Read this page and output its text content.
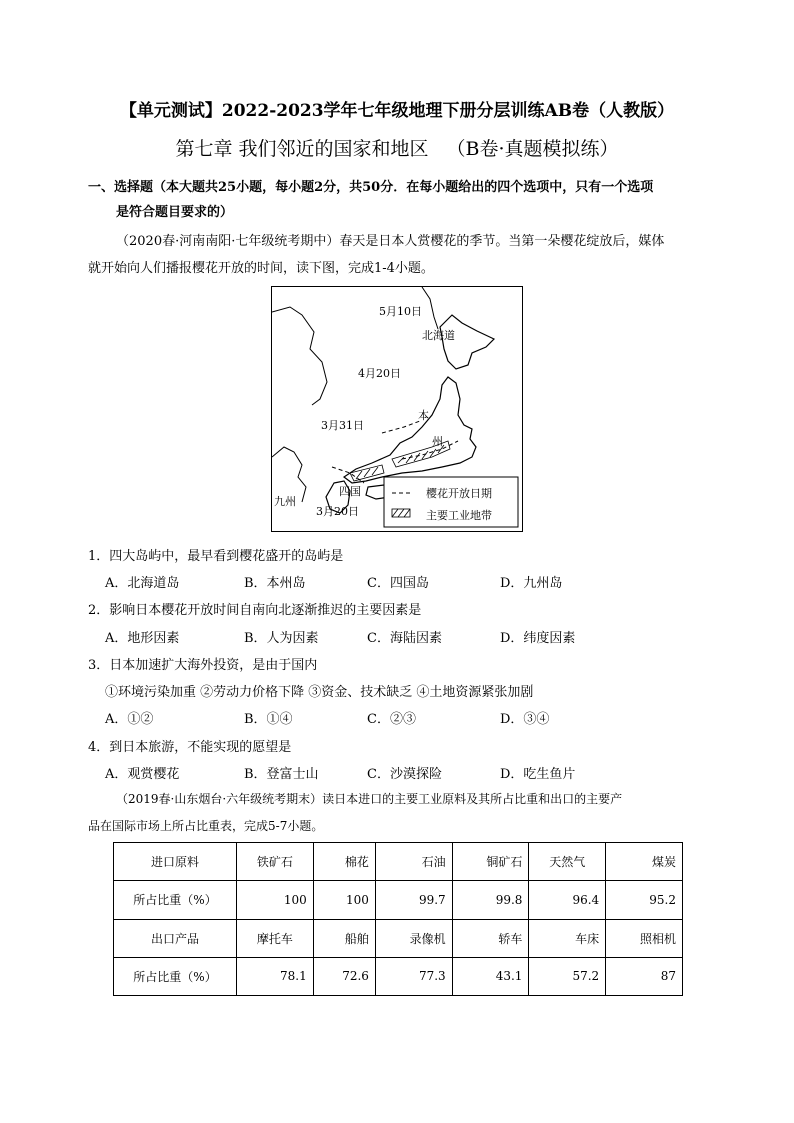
【单元测试】2022-2023学年七年级地理下册分层训练AB卷（人教版）
第七章 我们邻近的国家和地区 （B卷·真题模拟练）
一、选择题（本大题共25小题，每小题2分，共50分．在每小题给出的四个选项中，只有一个选项
是符合题目要求的）
（2020春·河南南阳·七年级统考期中）春天是日本人赏樱花的季节。当第一朵樱花绽放后，媒体
就开始向人们播报樱花开放的时间，读下图，完成1-4小题。
5月10日
北海道
4月20日
3月31日
本
州
四国
九州
3月20日
樱花开放日期
主要工业地带
1．四大岛屿中，最早看到樱花盛开的岛屿是
A．北海道岛	B．本州岛	C．四国岛	D．九州岛
2．影响日本樱花开放时间自南向北逐渐推迟的主要因素是
A．地形因素	B．人为因素	C．海陆因素	D．纬度因素
3．日本加速扩大海外投资，是由于国内
①环境污染加重 ②劳动力价格下降 ③资金、技术缺乏 ④土地资源紧张加剧
A．①②	B．①④	C．②③	D．③④
4．到日本旅游，不能实现的愿望是
A．观赏樱花	B．登富士山	C．沙漠探险	D．吃生鱼片
（2019春·山东烟台·六年级统考期末）读日本进口的主要工业原料及其所占比重和出口的主要产
品在国际市场上所占比重表，完成5-7小题。
进口原料	铁矿石	棉花	石油	铜矿石	天然气	煤炭
所占比重（%）	100	100	99.7	99.8	96.4	95.2
出口产品	摩托车	船舶	录像机	轿车	车床	照相机
所占比重（%）	78.1	72.6	77.3	43.1	57.2	87
